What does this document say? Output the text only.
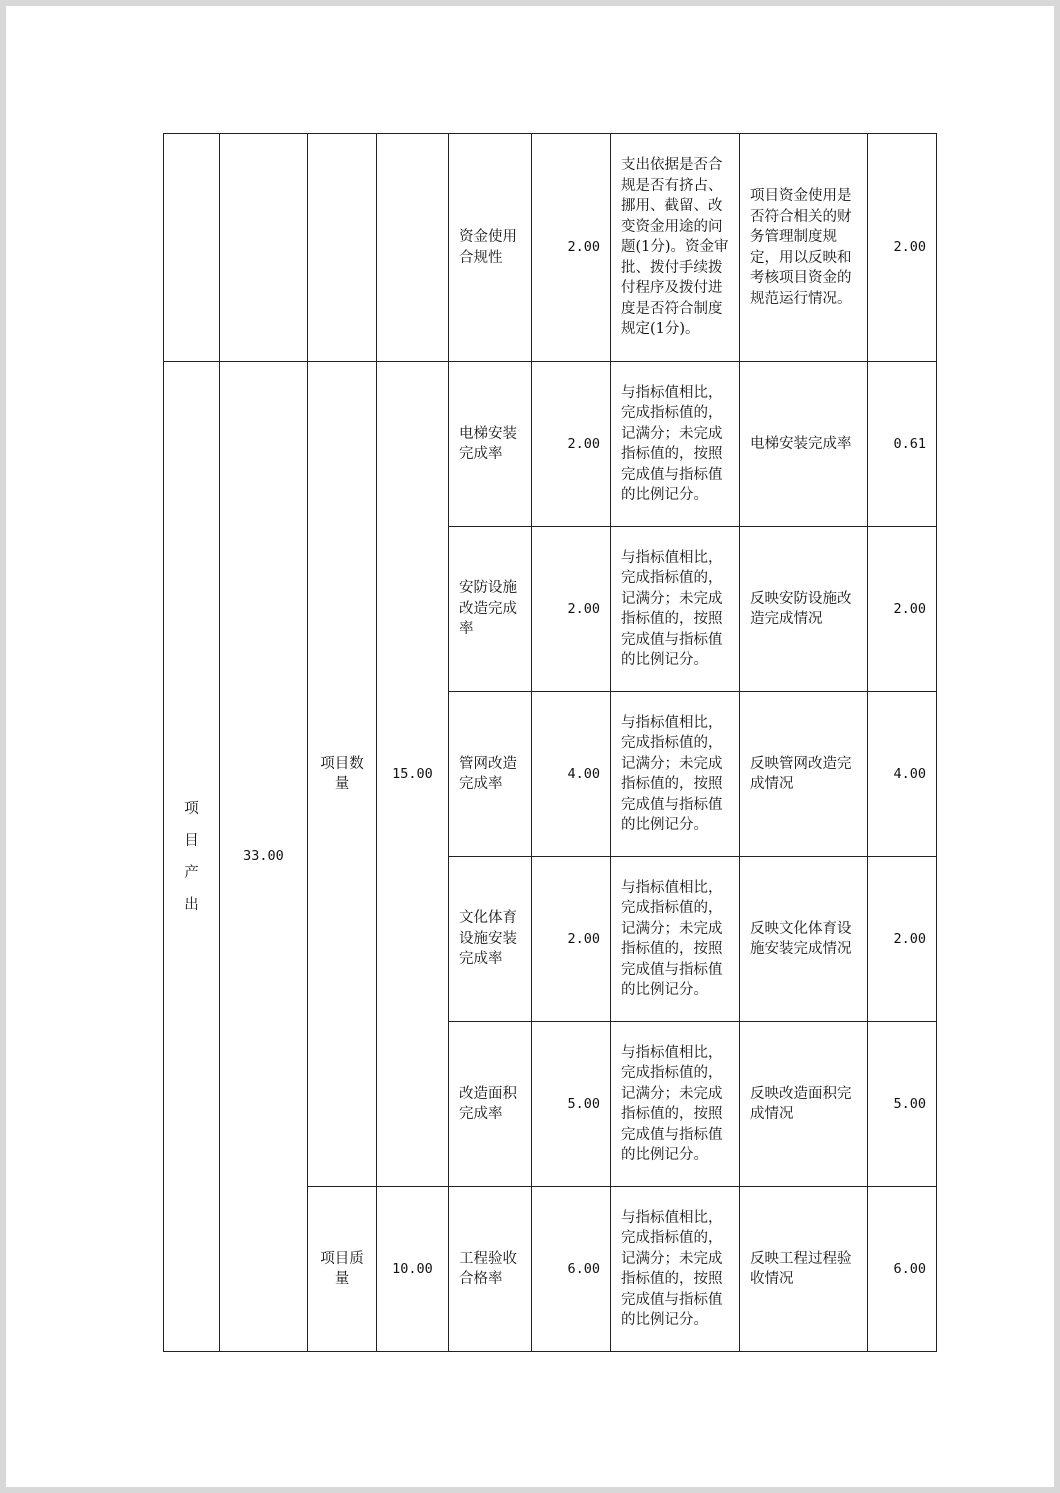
				资金使用合规性	2.00	支出依据是否合规是否有挤占、挪用、截留、改变资金用途的问题(1分)。资金审批、拨付手续拨付程序及拨付进度是否符合制度规定(1分)。	项目资金使用是否符合相关的财务管理制度规定，用以反映和考核项目资金的规范运行情况。	2.00

项
目
产
出	33.00	项目数量	15.00	电梯安装完成率	2.00	与指标值相比，完成指标值的，记满分；未完成指标值的，按照完成值与指标值的比例记分。	电梯安装完成率	0.61
				安防设施改造完成率	2.00	与指标值相比，完成指标值的，记满分；未完成指标值的，按照完成值与指标值的比例记分。	反映安防设施改造完成情况	2.00
				管网改造完成率	4.00	与指标值相比，完成指标值的，记满分；未完成指标值的，按照完成值与指标值的比例记分。	反映管网改造完成情况	4.00
				文化体育设施安装完成率	2.00	与指标值相比，完成指标值的，记满分；未完成指标值的，按照完成值与指标值的比例记分。	反映文化体育设施安装完成情况	2.00
				改造面积完成率	5.00	与指标值相比，完成指标值的，记满分；未完成指标值的，按照完成值与指标值的比例记分。	反映改造面积完成情况	5.00
		项目质量	10.00	工程验收合格率	6.00	与指标值相比，完成指标值的，记满分；未完成指标值的，按照完成值与指标值的比例记分。	反映工程过程验收情况	6.00
